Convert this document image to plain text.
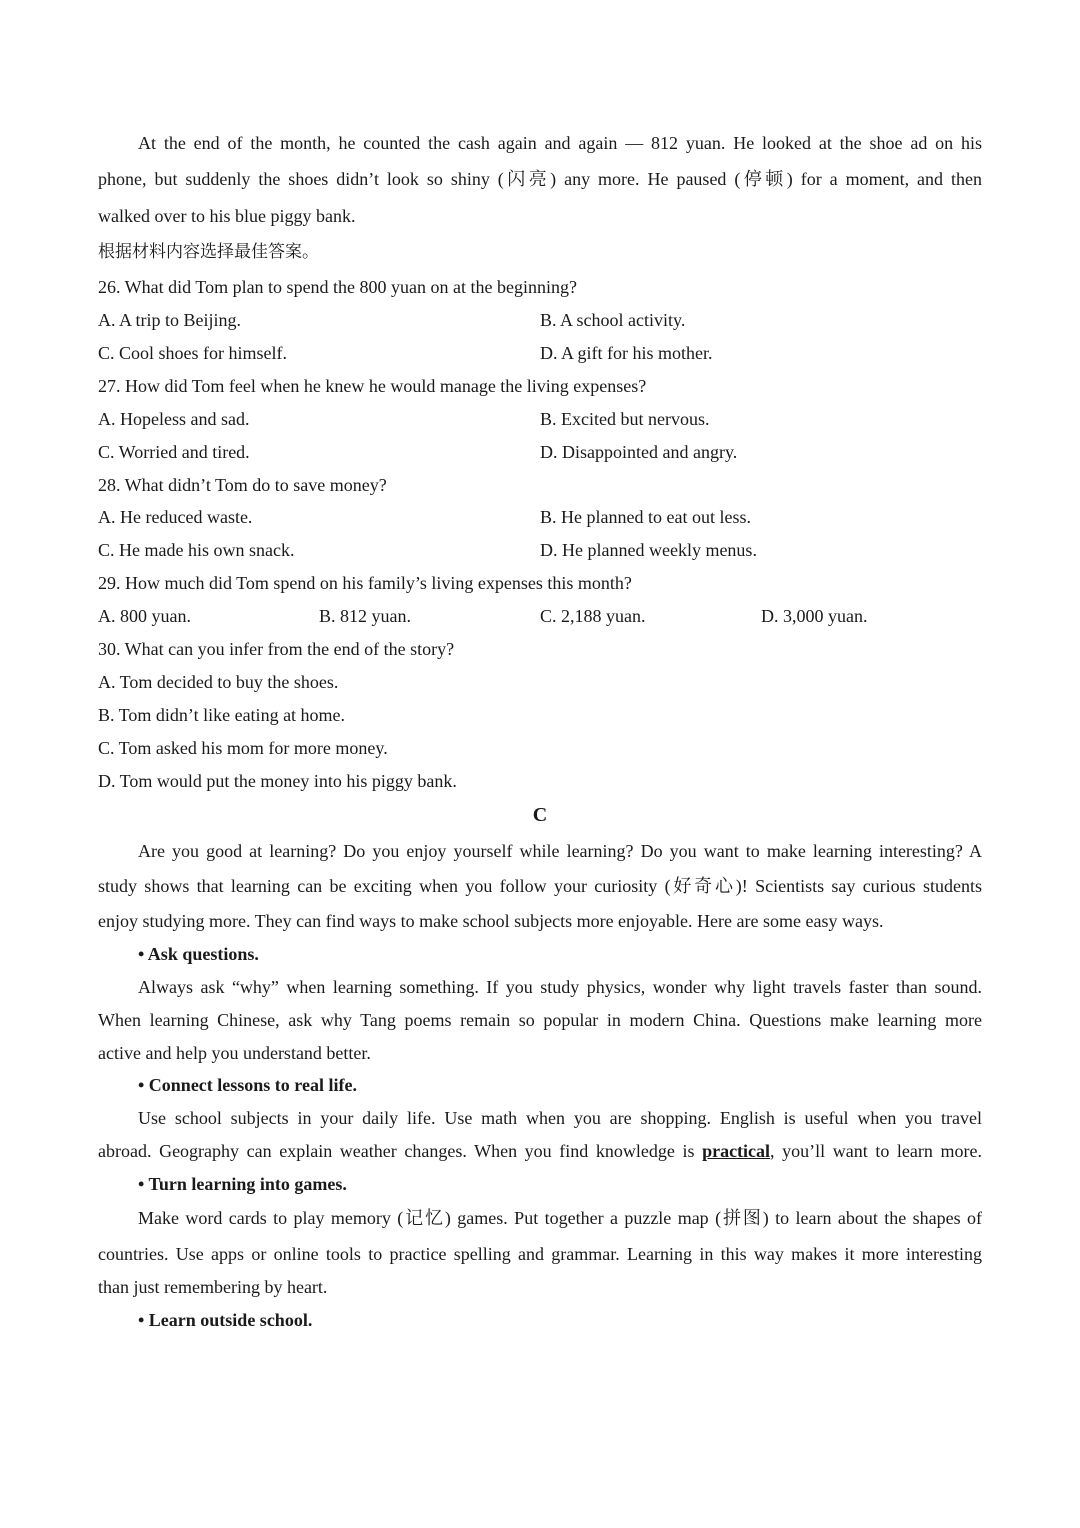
At the end of the month, he counted the cash again and again — 812 yuan. He looked at the shoe ad on his
phone, but suddenly the shoes didn’t look so shiny (闪亮) any more. He paused (停顿) for a moment, and then
walked over to his blue piggy bank.
根据材料内容选择最佳答案。
26. What did Tom plan to spend the 800 yuan on at the beginning?
A. A trip to Beijing.	B. A school activity.
C. Cool shoes for himself.	D. A gift for his mother.
27. How did Tom feel when he knew he would manage the living expenses?
A. Hopeless and sad.	B. Excited but nervous.
C. Worried and tired.	D. Disappointed and angry.
28. What didn’t Tom do to save money?
A. He reduced waste.	B. He planned to eat out less.
C. He made his own snack.	D. He planned weekly menus.
29. How much did Tom spend on his family’s living expenses this month?
A. 800 yuan.	B. 812 yuan.	C. 2,188 yuan.	D. 3,000 yuan.
30. What can you infer from the end of the story?
A. Tom decided to buy the shoes.
B. Tom didn’t like eating at home.
C. Tom asked his mom for more money.
D. Tom would put the money into his piggy bank.
C
Are you good at learning? Do you enjoy yourself while learning? Do you want to make learning interesting? A
study shows that learning can be exciting when you follow your curiosity (好奇心)! Scientists say curious students
enjoy studying more. They can find ways to make school subjects more enjoyable. Here are some easy ways.
• Ask questions.
Always ask “why” when learning something. If you study physics, wonder why light travels faster than sound.
When learning Chinese, ask why Tang poems remain so popular in modern China. Questions make learning more
active and help you understand better.
• Connect lessons to real life.
Use school subjects in your daily life. Use math when you are shopping. English is useful when you travel
abroad. Geography can explain weather changes. When you find knowledge is practical, you’ll want to learn more.
• Turn learning into games.
Make word cards to play memory (记忆) games. Put together a puzzle map (拼图) to learn about the shapes of
countries. Use apps or online tools to practice spelling and grammar. Learning in this way makes it more interesting
than just remembering by heart.
• Learn outside school.
